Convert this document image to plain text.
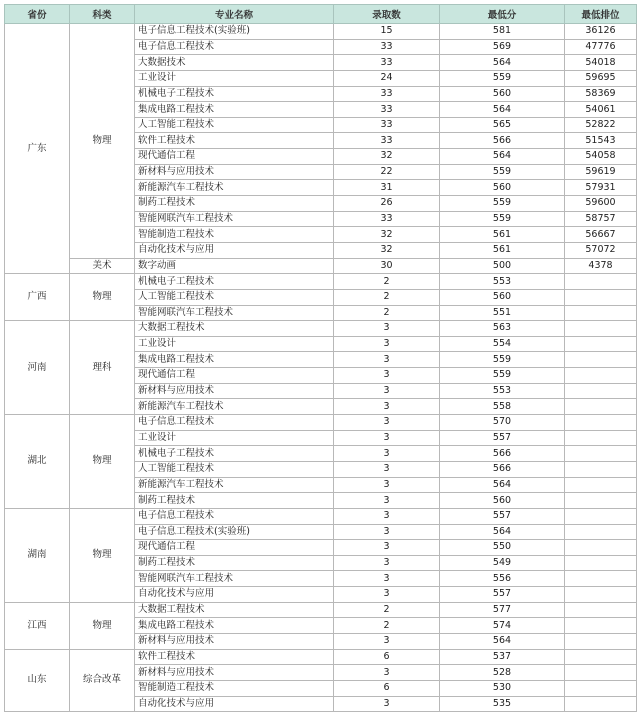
省份	科类	专业名称	录取数	最低分	最低排位
广东	物理	电子信息工程技术(实验班)	15	581	36126
		电子信息工程技术	33	569	47776
		大数据技术	33	564	54018
		工业设计	24	559	59695
		机械电子工程技术	33	560	58369
		集成电路工程技术	33	564	54061
		人工智能工程技术	33	565	52822
		软件工程技术	33	566	51543
		现代通信工程	32	564	54058
		新材料与应用技术	22	559	59619
		新能源汽车工程技术	31	560	57931
		制药工程技术	26	559	59600
		智能网联汽车工程技术	33	559	58757
		智能制造工程技术	32	561	56667
		自动化技术与应用	32	561	57072
	美术	数字动画	30	500	4378
广西	物理	机械电子工程技术	2	553	
		人工智能工程技术	2	560	
		智能网联汽车工程技术	2	551	
河南	理科	大数据工程技术	3	563	
		工业设计	3	554	
		集成电路工程技术	3	559	
		现代通信工程	3	559	
		新材料与应用技术	3	553	
		新能源汽车工程技术	3	558	
湖北	物理	电子信息工程技术	3	570	
		工业设计	3	557	
		机械电子工程技术	3	566	
		人工智能工程技术	3	566	
		新能源汽车工程技术	3	564	
		制药工程技术	3	560	
湖南	物理	电子信息工程技术	3	557	
		电子信息工程技术(实验班)	3	564	
		现代通信工程	3	550	
		制药工程技术	3	549	
		智能网联汽车工程技术	3	556	
		自动化技术与应用	3	557	
江西	物理	大数据工程技术	2	577	
		集成电路工程技术	2	574	
		新材料与应用技术	3	564	
山东	综合改革	软件工程技术	6	537	
		新材料与应用技术	3	528	
		智能制造工程技术	6	530	
		自动化技术与应用	3	535	
